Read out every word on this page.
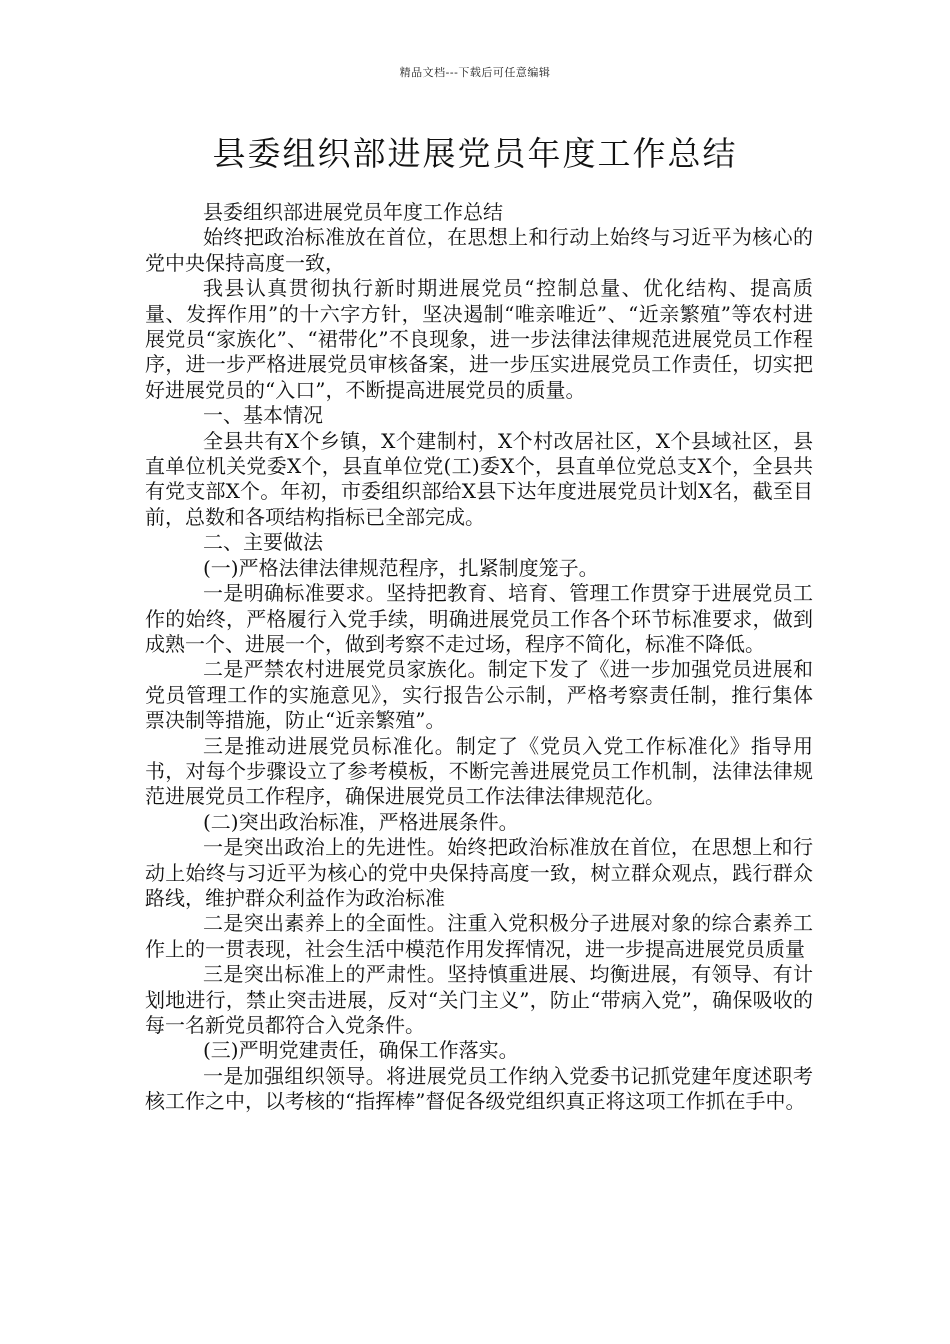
精品文档---下载后可任意编辑
县委组织部进展党员年度工作总结

县委组织部进展党员年度工作总结

始终把政治标准放在首位，在思想上和行动上始终与习近平为核心的党中央保持高度一致，

我县认真贯彻执行新时期进展党员“控制总量、优化结构、提高质量、发挥作用”的十六字方针，坚决遏制“唯亲唯近”、“近亲繁殖”等农村进展党员“家族化”、“裙带化”不良现象，进一步法律法律规范进展党员工作程序，进一步严格进展党员审核备案，进一步压实进展党员工作责任，切实把好进展党员的“入口”，不断提高进展党员的质量。

一、基本情况

全县共有X个乡镇，X个建制村，X个村改居社区，X个县域社区，县直单位机关党委X个，县直单位党(工)委X个，县直单位党总支X个，全县共有党支部X个。年初，市委组织部给X县下达年度进展党员计划X名，截至目前，总数和各项结构指标已全部完成。

二、主要做法

(一)严格法律法律规范程序，扎紧制度笼子。

一是明确标准要求。坚持把教育、培育、管理工作贯穿于进展党员工作的始终，严格履行入党手续，明确进展党员工作各个环节标准要求，做到成熟一个、进展一个，做到考察不走过场，程序不简化，标准不降低。

二是严禁农村进展党员家族化。制定下发了《进一步加强党员进展和党员管理工作的实施意见》，实行报告公示制，严格考察责任制，推行集体票决制等措施，防止“近亲繁殖”。

三是推动进展党员标准化。制定了《党员入党工作标准化》指导用书，对每个步骤设立了参考模板，不断完善进展党员工作机制，法律法律规范进展党员工作程序，确保进展党员工作法律法律规范化。

(二)突出政治标准，严格进展条件。

一是突出政治上的先进性。始终把政治标准放在首位，在思想上和行动上始终与习近平为核心的党中央保持高度一致，树立群众观点，践行群众路线，维护群众利益作为政治标准

二是突出素养上的全面性。注重入党积极分子进展对象的综合素养工作上的一贯表现，社会生活中模范作用发挥情况，进一步提高进展党员质量

三是突出标准上的严肃性。坚持慎重进展、均衡进展，有领导、有计划地进行，禁止突击进展，反对“关门主义”，防止“带病入党”，确保吸收的每一名新党员都符合入党条件。

(三)严明党建责任，确保工作落实。

一是加强组织领导。将进展党员工作纳入党委书记抓党建年度述职考核工作之中，以考核的“指挥棒”督促各级党组织真正将这项工作抓在手中。
